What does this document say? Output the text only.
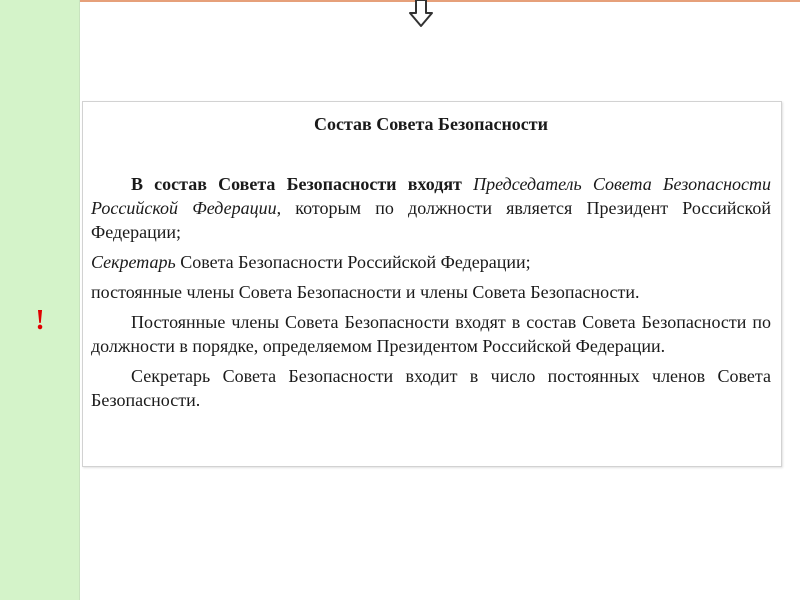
!
Состав Совета Безопасности

В состав Совета Безопасности входят Председатель Совета Безопасности Российской Федерации, которым по должности является Президент Российской Федерации;

Секретарь Совета Безопасности Российской Федерации;

постоянные члены Совета Безопасности и члены Совета Безопасности.

Постоянные члены Совета Безопасности входят в состав Совета Безопасности по должности в порядке, определяемом Президентом Российской Федерации.

Секретарь Совета Безопасности входит в число постоянных членов Совета Безопасности.
